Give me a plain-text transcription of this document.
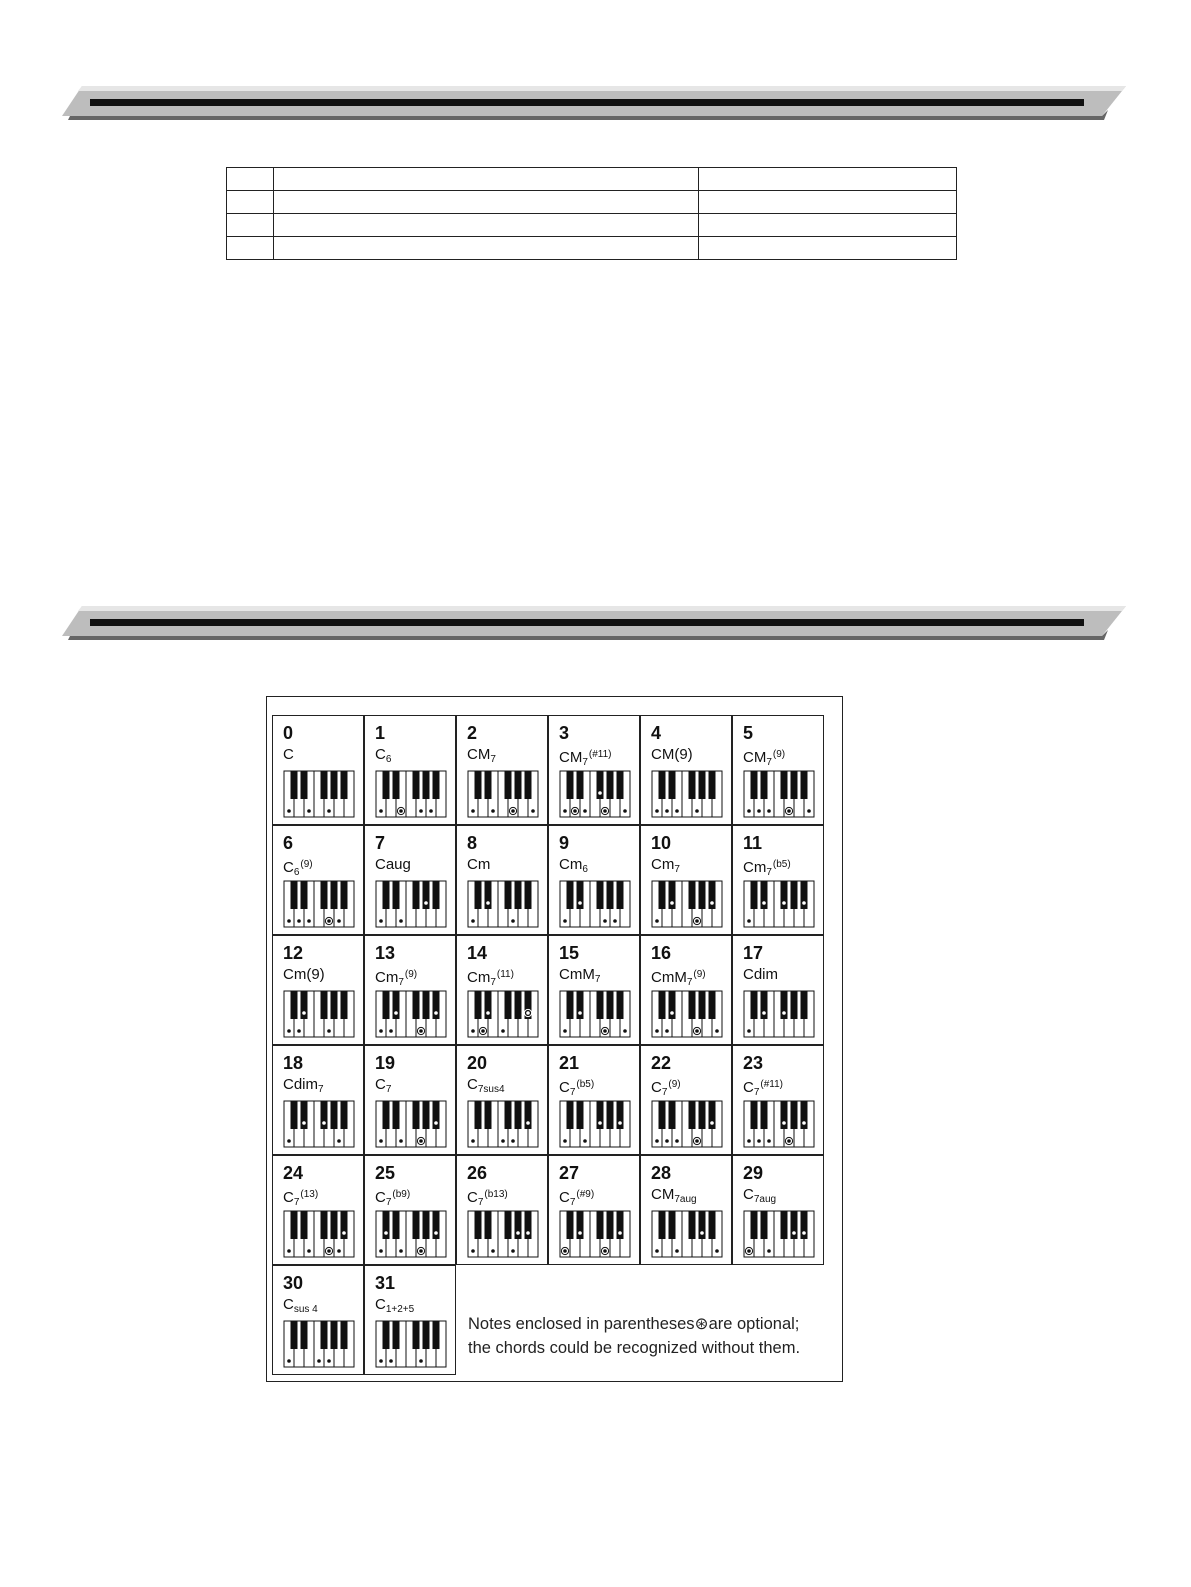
0
C
1
$C_6$
2
$CM_7$
3
$CM_7^{(\#11)}$
4
CM(9)
5
$CM_7^{(9)}$
6
$C_6^{(9)}$
7
Caug
8
Cm
9
$Cm_6$
10
$Cm_7$
11
$Cm_7^{(b5)}$
12
Cm(9)
13
$Cm_7^{(9)}$
14
$Cm_7^{(11)}$
15
CmM$_7$
16
CmM$_7^{(9)}$
17
Cdim
18
Cdim$_7$
19
$C_7$
20
$C_{7sus4}$
21
$C_7^{(b5)}$
22
$C_7^{(9)}$
23
$C_7^{(\#11)}$
24
$C_7^{(13)}$
25
$C_7^{(b9)}$
26
$C_7^{(b13)}$
27
$C_7^{(\#9)}$
28
$CM_{7aug}$
29
$C_{7aug}$
30
$C_{sus 4}$
31
$C_{1+2+5}$
Notes enclosed in parentheses⊛are optional;
the chords could be recognized without them.
